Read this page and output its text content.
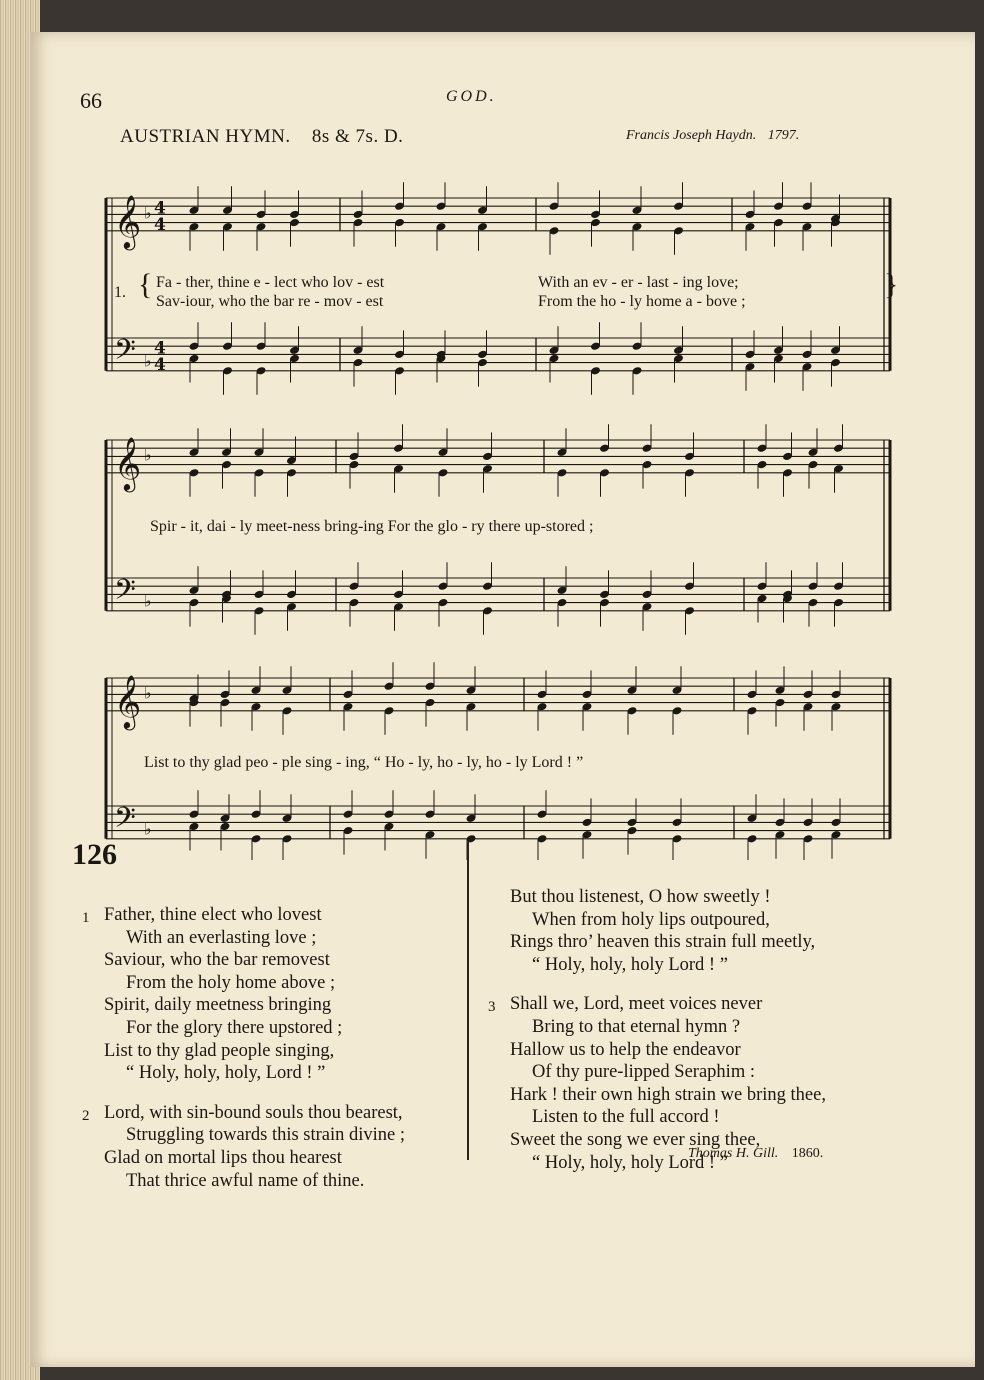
66	GOD.
AUSTRIAN HYMN. 8s & 7s. D.	Francis Joseph Haydn. 1797.
𝄞
𝄢
♭
♭
4
4
4
4
𝄞
𝄢
♭
♭
𝄞
𝄢
♭
♭
1. { Fa - ther, thine e - lect who lov - est	With an ev - er - last - ing love;
Sav-iour, who the bar re - mov - est	From the ho - ly home a - bove ;
}
Spir - it, dai - ly meet-ness bring-ing For the glo - ry there up-stored ;
List to thy glad peo - ple sing - ing, “ Ho - ly, ho - ly, ho - ly Lord ! ”
126
1 Father, thine elect who lovest
With an everlasting love ;
Saviour, who the bar removest
From the holy home above ;
Spirit, daily meetness bringing
For the glory there upstored ;
List to thy glad people singing,
“ Holy, holy, holy, Lord ! ”
2 Lord, with sin-bound souls thou bearest,
Struggling towards this strain divine ;
Glad on mortal lips thou hearest
That thrice awful name of thine.
But thou listenest, O how sweetly !
When from holy lips outpoured,
Rings thro’ heaven this strain full meetly,
“ Holy, holy, holy Lord ! ”
3 Shall we, Lord, meet voices never
Bring to that eternal hymn ?
Hallow us to help the endeavor
Of thy pure-lipped Seraphim :
Hark ! their own high strain we bring thee,
Listen to the full accord !
Sweet the song we ever sing thee,
“ Holy, holy, holy Lord ! ”
Thomas H. Gill. 1860.
